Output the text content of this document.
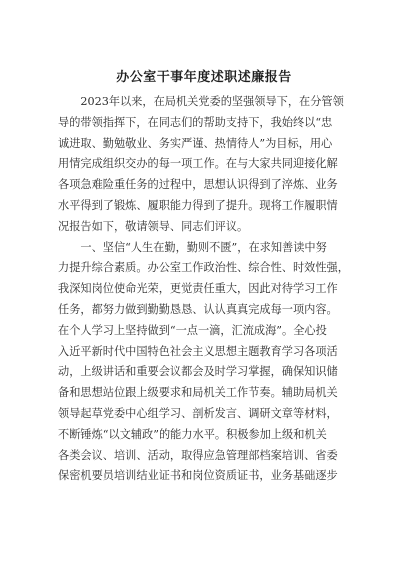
办公室干事年度述职述廉报告
　　2023年以来，在局机关党委的坚强领导下，在分管领
导的带领指挥下，在同志们的帮助支持下，我始终以“忠
诚进取、勤勉敬业、务实严谨、热情待人”为目标，用心
用情完成组织交办的每一项工作。在与大家共同迎接化解
各项急难险重任务的过程中，思想认识得到了淬炼、业务
水平得到了锻炼、履职能力得到了提升。现将工作履职情
况报告如下，敬请领导、同志们评议。
　　一、坚信“人生在勤，勤则不匮”，在求知善读中努
力提升综合素质。办公室工作政治性、综合性、时效性强，
我深知岗位使命光荣，更觉责任重大，因此对待学习工作
任务，都努力做到勤勤恳恳、认认真真完成每一项内容。
在个人学习上坚持做到“一点一滴，汇流成海”。全心投
入近平新时代中国特色社会主义思想主题教育学习各项活
动，上级讲话和重要会议都会及时学习掌握，确保知识储
备和思想站位跟上级要求和局机关工作节奏。辅助局机关
领导起草党委中心组学习、剖析发言、调研文章等材料，
不断锤炼“以文辅政”的能力水平。积极参加上级和机关
各类会议、培训、活动，取得应急管理部档案培训、省委
保密机要员培训结业证书和岗位资质证书，业务基础逐步
